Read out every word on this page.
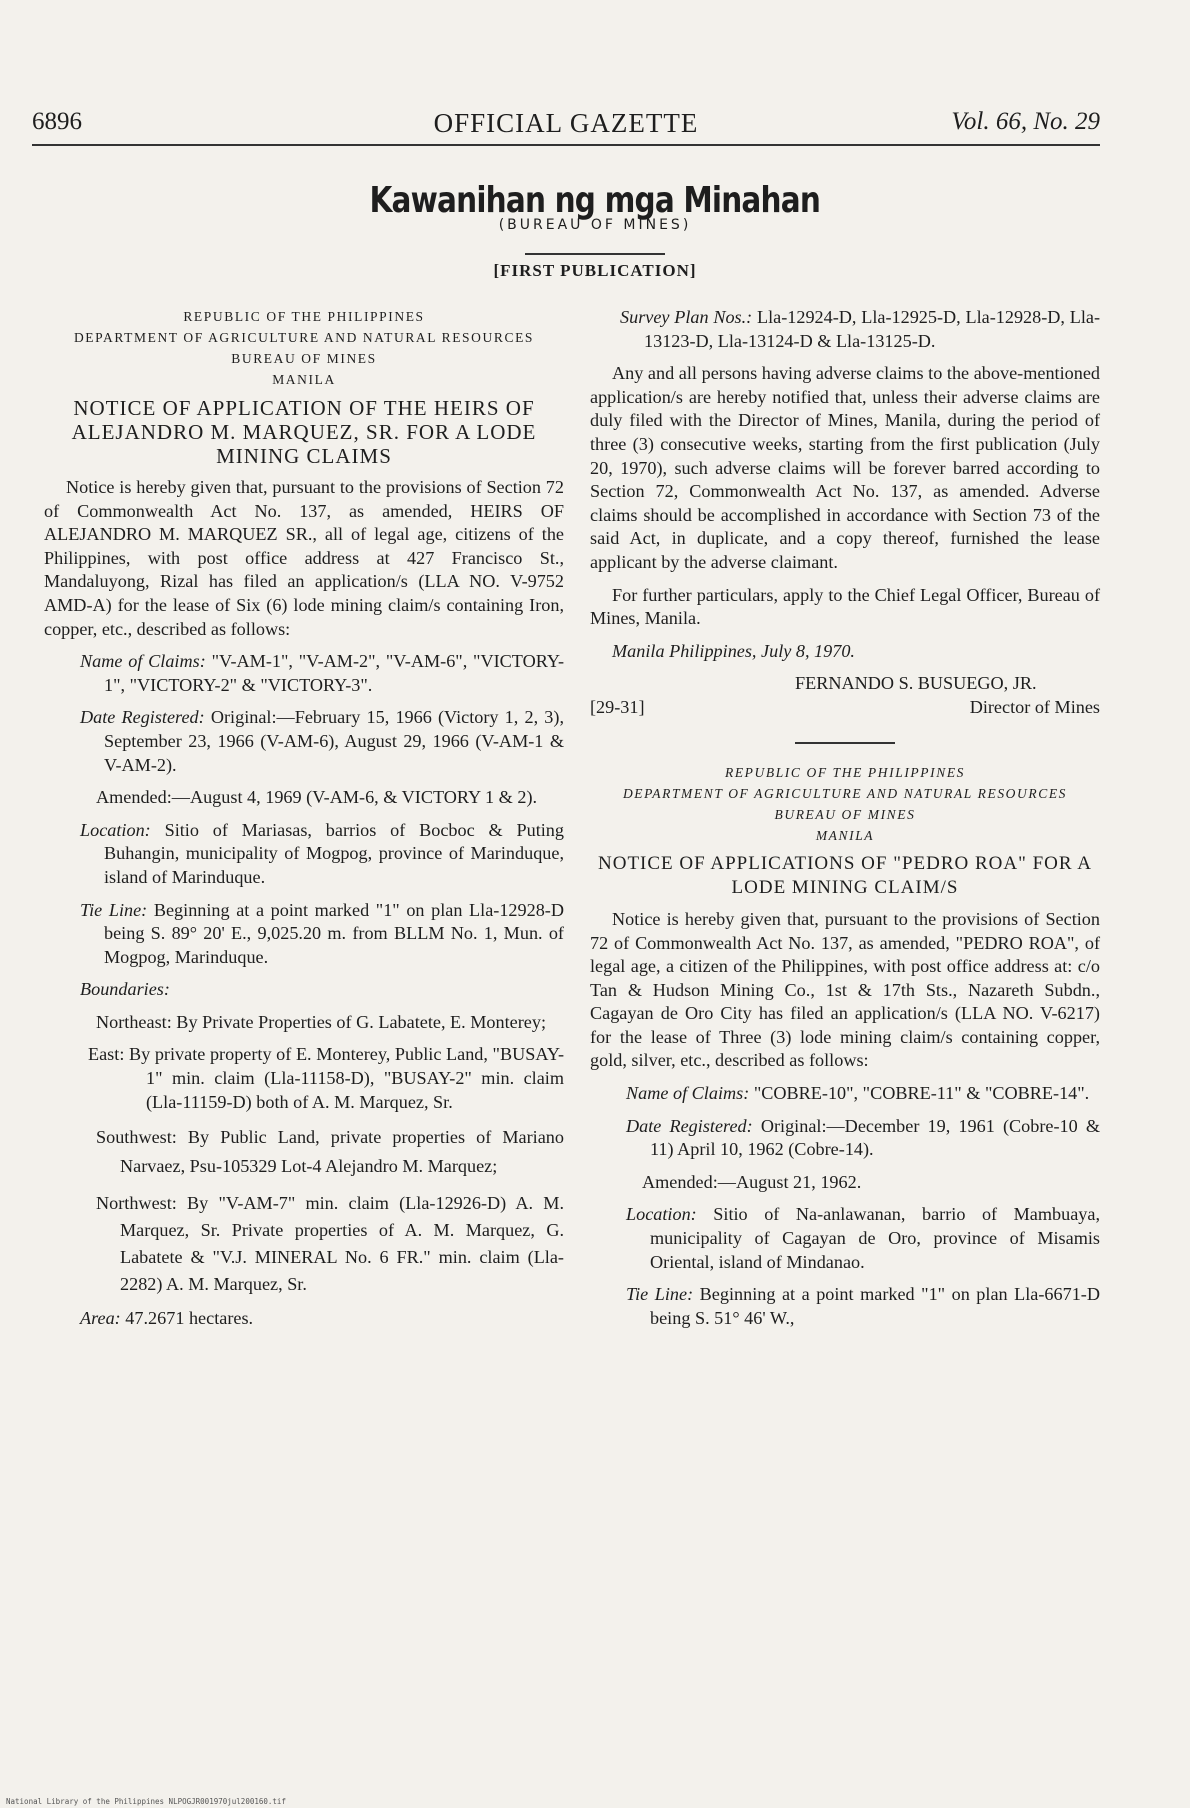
6896	OFFICIAL GAZETTE	Vol. 66, No. 29
Kawanihan ng mga Minahan
(BUREAU OF MINES)
[FIRST PUBLICATION]
REPUBLIC OF THE PHILIPPINES
DEPARTMENT OF AGRICULTURE AND NATURAL RESOURCES
BUREAU OF MINES
MANILA
NOTICE OF APPLICATION OF THE HEIRS OF ALEJANDRO M. MARQUEZ, SR. FOR A LODE MINING CLAIMS

Notice is hereby given that, pursuant to the provisions of Section 72 of Commonwealth Act No. 137, as amended, HEIRS OF ALEJANDRO M. MARQUEZ SR., all of legal age, citizens of the Philippines, with post office address at 427 Francisco St., Mandaluyong, Rizal has filed an application/s (LLA NO. V-9752 AMD-A) for the lease of Six (6) lode mining claim/s containing Iron, copper, etc., described as follows:

Name of Claims: "V-AM-1", "V-AM-2", "V-AM-6", "VICTORY-1", "VICTORY-2" & "VICTORY-3".

Date Registered: Original:—February 15, 1966 (Victory 1, 2, 3), September 23, 1966 (V-AM-6), August 29, 1966 (V-AM-1 & V-AM-2).

Amended:—August 4, 1969 (V-AM-6, & VICTORY 1 & 2).

Location: Sitio of Mariasas, barrios of Bocboc & Puting Buhangin, municipality of Mogpog, province of Marinduque, island of Marinduque.

Tie Line: Beginning at a point marked "1" on plan Lla-12928-D being S. 89° 20' E., 9,025.20 m. from BLLM No. 1, Mun. of Mogpog, Marinduque.

Boundaries:

Northeast: By Private Properties of G. Labatete, E. Monterey;

East: By private property of E. Monterey, Public Land, "BUSAY-1" min. claim (Lla-11158-D), "BUSAY-2" min. claim (Lla-11159-D) both of A. M. Marquez, Sr.

Southwest: By Public Land, private properties of Mariano Narvaez, Psu-105329 Lot-4 Alejandro M. Marquez;

Northwest: By "V-AM-7" min. claim (Lla-12926-D) A. M. Marquez, Sr. Private properties of A. M. Marquez, G. Labatete & "V.J. MINERAL No. 6 FR." min. claim (Lla-2282) A. M. Marquez, Sr.

Area: 47.2671 hectares.

Survey Plan Nos.: Lla-12924-D, Lla-12925-D, Lla-12928-D, Lla-13123-D, Lla-13124-D & Lla-13125-D.

Any and all persons having adverse claims to the above-mentioned application/s are hereby notified that, unless their adverse claims are duly filed with the Director of Mines, Manila, during the period of three (3) consecutive weeks, starting from the first publication (July 20, 1970), such adverse claims will be forever barred according to Section 72, Commonwealth Act No. 137, as amended. Adverse claims should be accomplished in accordance with Section 73 of the said Act, in duplicate, and a copy thereof, furnished the lease applicant by the adverse claimant.

For further particulars, apply to the Chief Legal Officer, Bureau of Mines, Manila.

Manila Philippines, July 8, 1970.

FERNANDO S. BUSUEGO, JR.
[29-31]	Director of Mines
REPUBLIC OF THE PHILIPPINES
DEPARTMENT OF AGRICULTURE AND NATURAL RESOURCES
BUREAU OF MINES
MANILA
NOTICE OF APPLICATIONS OF "PEDRO ROA" FOR A LODE MINING CLAIM/S

Notice is hereby given that, pursuant to the provisions of Section 72 of Commonwealth Act No. 137, as amended, "PEDRO ROA", of legal age, a citizen of the Philippines, with post office address at: c/o Tan & Hudson Mining Co., 1st & 17th Sts., Nazareth Subdn., Cagayan de Oro City has filed an application/s (LLA NO. V-6217) for the lease of Three (3) lode mining claim/s containing copper, gold, silver, etc., described as follows:

Name of Claims: "COBRE-10", "COBRE-11" & "COBRE-14".

Date Registered: Original:—December 19, 1961 (Cobre-10 & 11) April 10, 1962 (Cobre-14).

Amended:—August 21, 1962.

Location: Sitio of Na-anlawanan, barrio of Mambuaya, municipality of Cagayan de Oro, province of Misamis Oriental, island of Mindanao.

Tie Line: Beginning at a point marked "1" on plan Lla-6671-D being S. 51° 46' W.,

National Library of the Philippines NLPOGJR001970jul200160.tif
